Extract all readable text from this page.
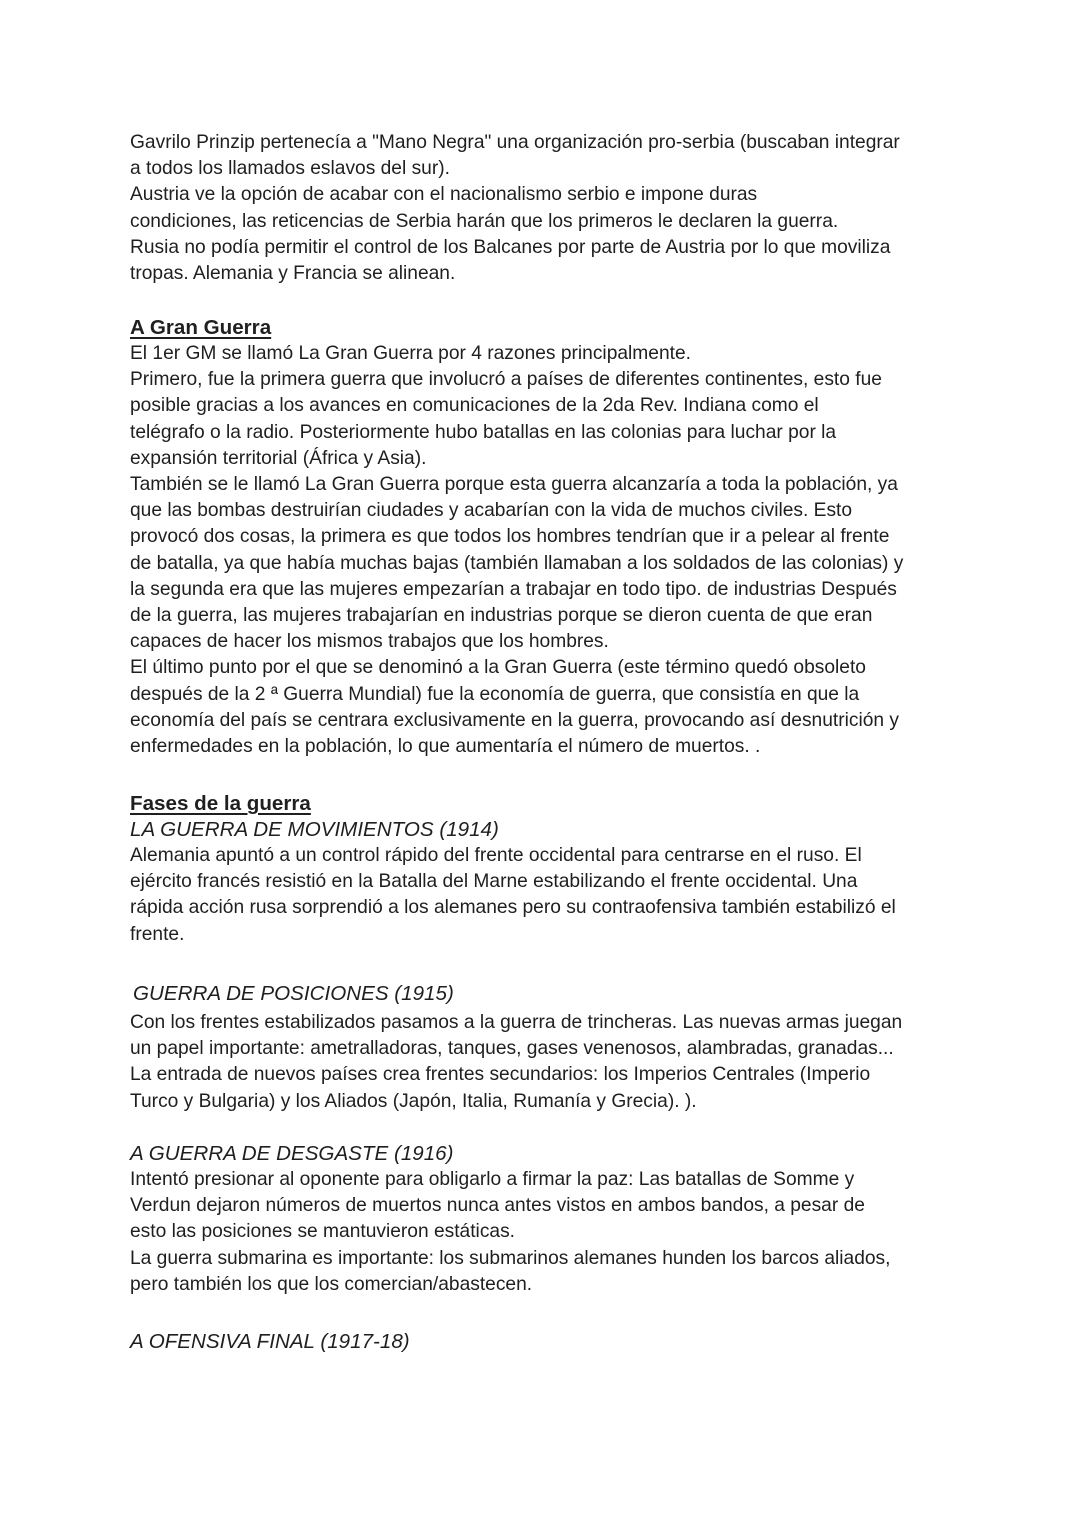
Gavrilo Prinzip pertenecía a "Mano Negra" una organización pro-serbia (buscaban integrar
a todos los llamados eslavos del sur).
Austria ve la opción de acabar con el nacionalismo serbio e impone duras
condiciones, las reticencias de Serbia harán que los primeros le declaren la guerra.
Rusia no podía permitir el control de los Balcanes por parte de Austria por lo que moviliza
tropas. Alemania y Francia se alinean.
A Gran Guerra
El 1er GM se llamó La Gran Guerra por 4 razones principalmente.
Primero, fue la primera guerra que involucró a países de diferentes continentes, esto fue
posible gracias a los avances en comunicaciones de la 2da Rev. Indiana como el
telégrafo o la radio. Posteriormente hubo batallas en las colonias para luchar por la
expansión territorial (África y Asia).
También se le llamó La Gran Guerra porque esta guerra alcanzaría a toda la población, ya
que las bombas destruirían ciudades y acabarían con la vida de muchos civiles. Esto
provocó dos cosas, la primera es que todos los hombres tendrían que ir a pelear al frente
de batalla, ya que había muchas bajas (también llamaban a los soldados de las colonias) y
la segunda era que las mujeres empezarían a trabajar en todo tipo. de industrias Después
de la guerra, las mujeres trabajarían en industrias porque se dieron cuenta de que eran
capaces de hacer los mismos trabajos que los hombres.
El último punto por el que se denominó a la Gran Guerra (este término quedó obsoleto
después de la 2 ª Guerra Mundial) fue la economía de guerra, que consistía en que la
economía del país se centrara exclusivamente en la guerra, provocando así desnutrición y
enfermedades en la población, lo que aumentaría el número de muertos. .
Fases de la guerra
LA GUERRA DE MOVIMIENTOS (1914)
Alemania apuntó a un control rápido del frente occidental para centrarse en el ruso. El
ejército francés resistió en la Batalla del Marne estabilizando el frente occidental. Una
rápida acción rusa sorprendió a los alemanes pero su contraofensiva también estabilizó el
frente.
GUERRA DE POSICIONES (1915)
Con los frentes estabilizados pasamos a la guerra de trincheras. Las nuevas armas juegan
un papel importante: ametralladoras, tanques, gases venenosos, alambradas, granadas...
La entrada de nuevos países crea frentes secundarios: los Imperios Centrales (Imperio
Turco y Bulgaria) y los Aliados (Japón, Italia, Rumanía y Grecia). ).
A GUERRA DE DESGASTE (1916)
Intentó presionar al oponente para obligarlo a firmar la paz: Las batallas de Somme y
Verdun dejaron números de muertos nunca antes vistos en ambos bandos, a pesar de
esto las posiciones se mantuvieron estáticas.
La guerra submarina es importante: los submarinos alemanes hunden los barcos aliados,
pero también los que los comercian/abastecen.
A OFENSIVA FINAL (1917-18)
